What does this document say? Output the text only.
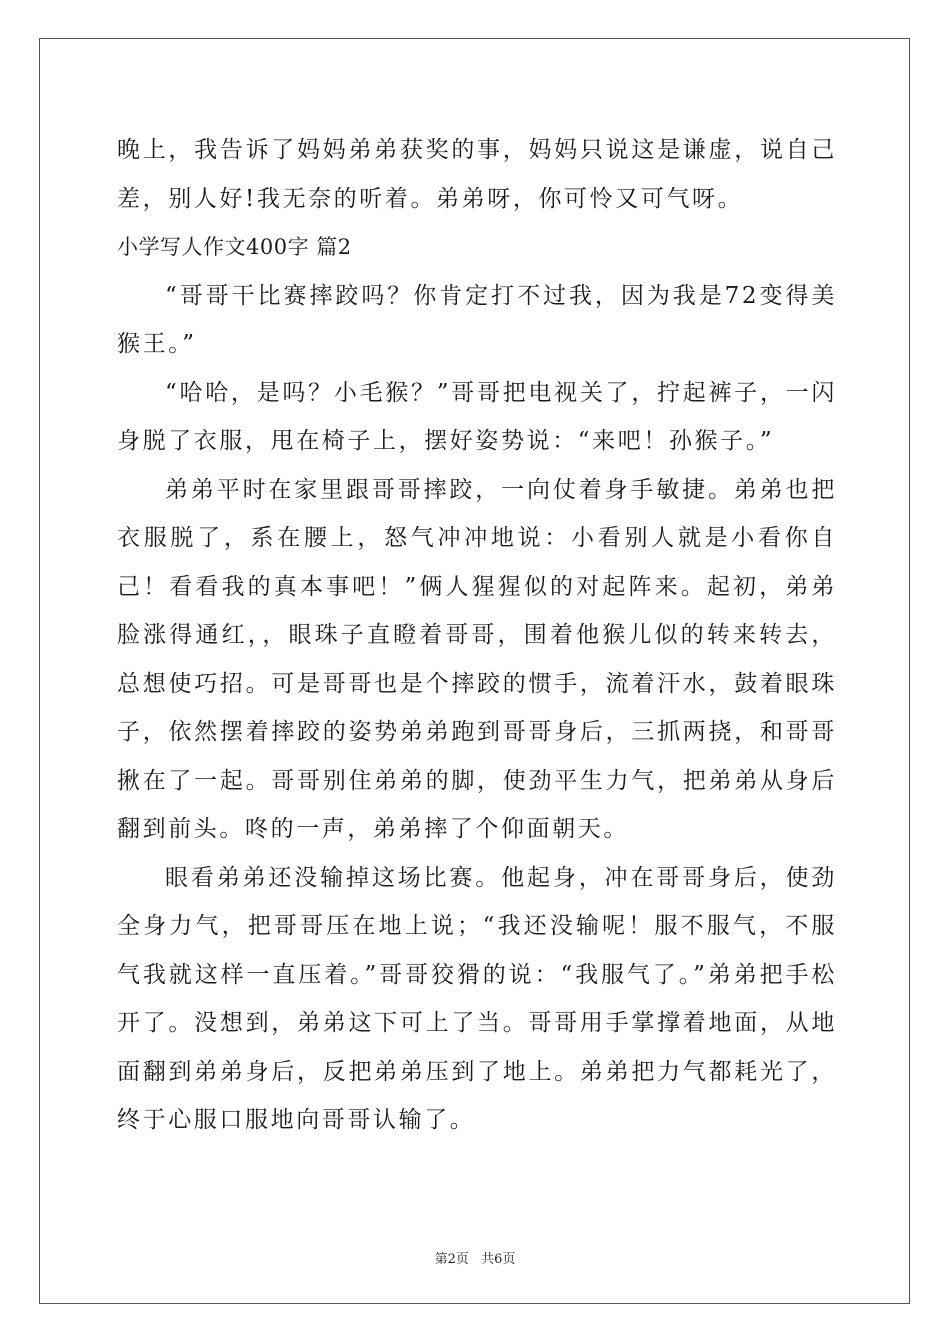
晚上，我告诉了妈妈弟弟获奖的事，妈妈只说这是谦虚，说自己差，别人好!我无奈的听着。弟弟呀，你可怜又可气呀。

小学写人作文400字 篇2

“哥哥干比赛摔跤吗？你肯定打不过我，因为我是72变得美猴王。”

“哈哈，是吗？小毛猴？”哥哥把电视关了，拧起裤子，一闪身脱了衣服，甩在椅子上，摆好姿势说：“来吧！孙猴子。”

弟弟平时在家里跟哥哥摔跤，一向仗着身手敏捷。弟弟也把衣服脱了，系在腰上，怒气冲冲地说：小看别人就是小看你自己！看看我的真本事吧！”俩人猩猩似的对起阵来。起初，弟弟脸涨得通红，，眼珠子直瞪着哥哥，围着他猴儿似的转来转去，总想使巧招。可是哥哥也是个摔跤的惯手，流着汗水，鼓着眼珠子，依然摆着摔跤的姿势弟弟跑到哥哥身后，三抓两挠，和哥哥揪在了一起。哥哥别住弟弟的脚，使劲平生力气，把弟弟从身后翻到前头。咚的一声，弟弟摔了个仰面朝天。

眼看弟弟还没输掉这场比赛。他起身，冲在哥哥身后，使劲全身力气，把哥哥压在地上说；“我还没输呢！服不服气，不服气我就这样一直压着。”哥哥狡猾的说：“我服气了。”弟弟把手松开了。没想到，弟弟这下可上了当。哥哥用手掌撑着地面，从地面翻到弟弟身后，反把弟弟压到了地上。弟弟把力气都耗光了，终于心服口服地向哥哥认输了。

第2页 共6页
